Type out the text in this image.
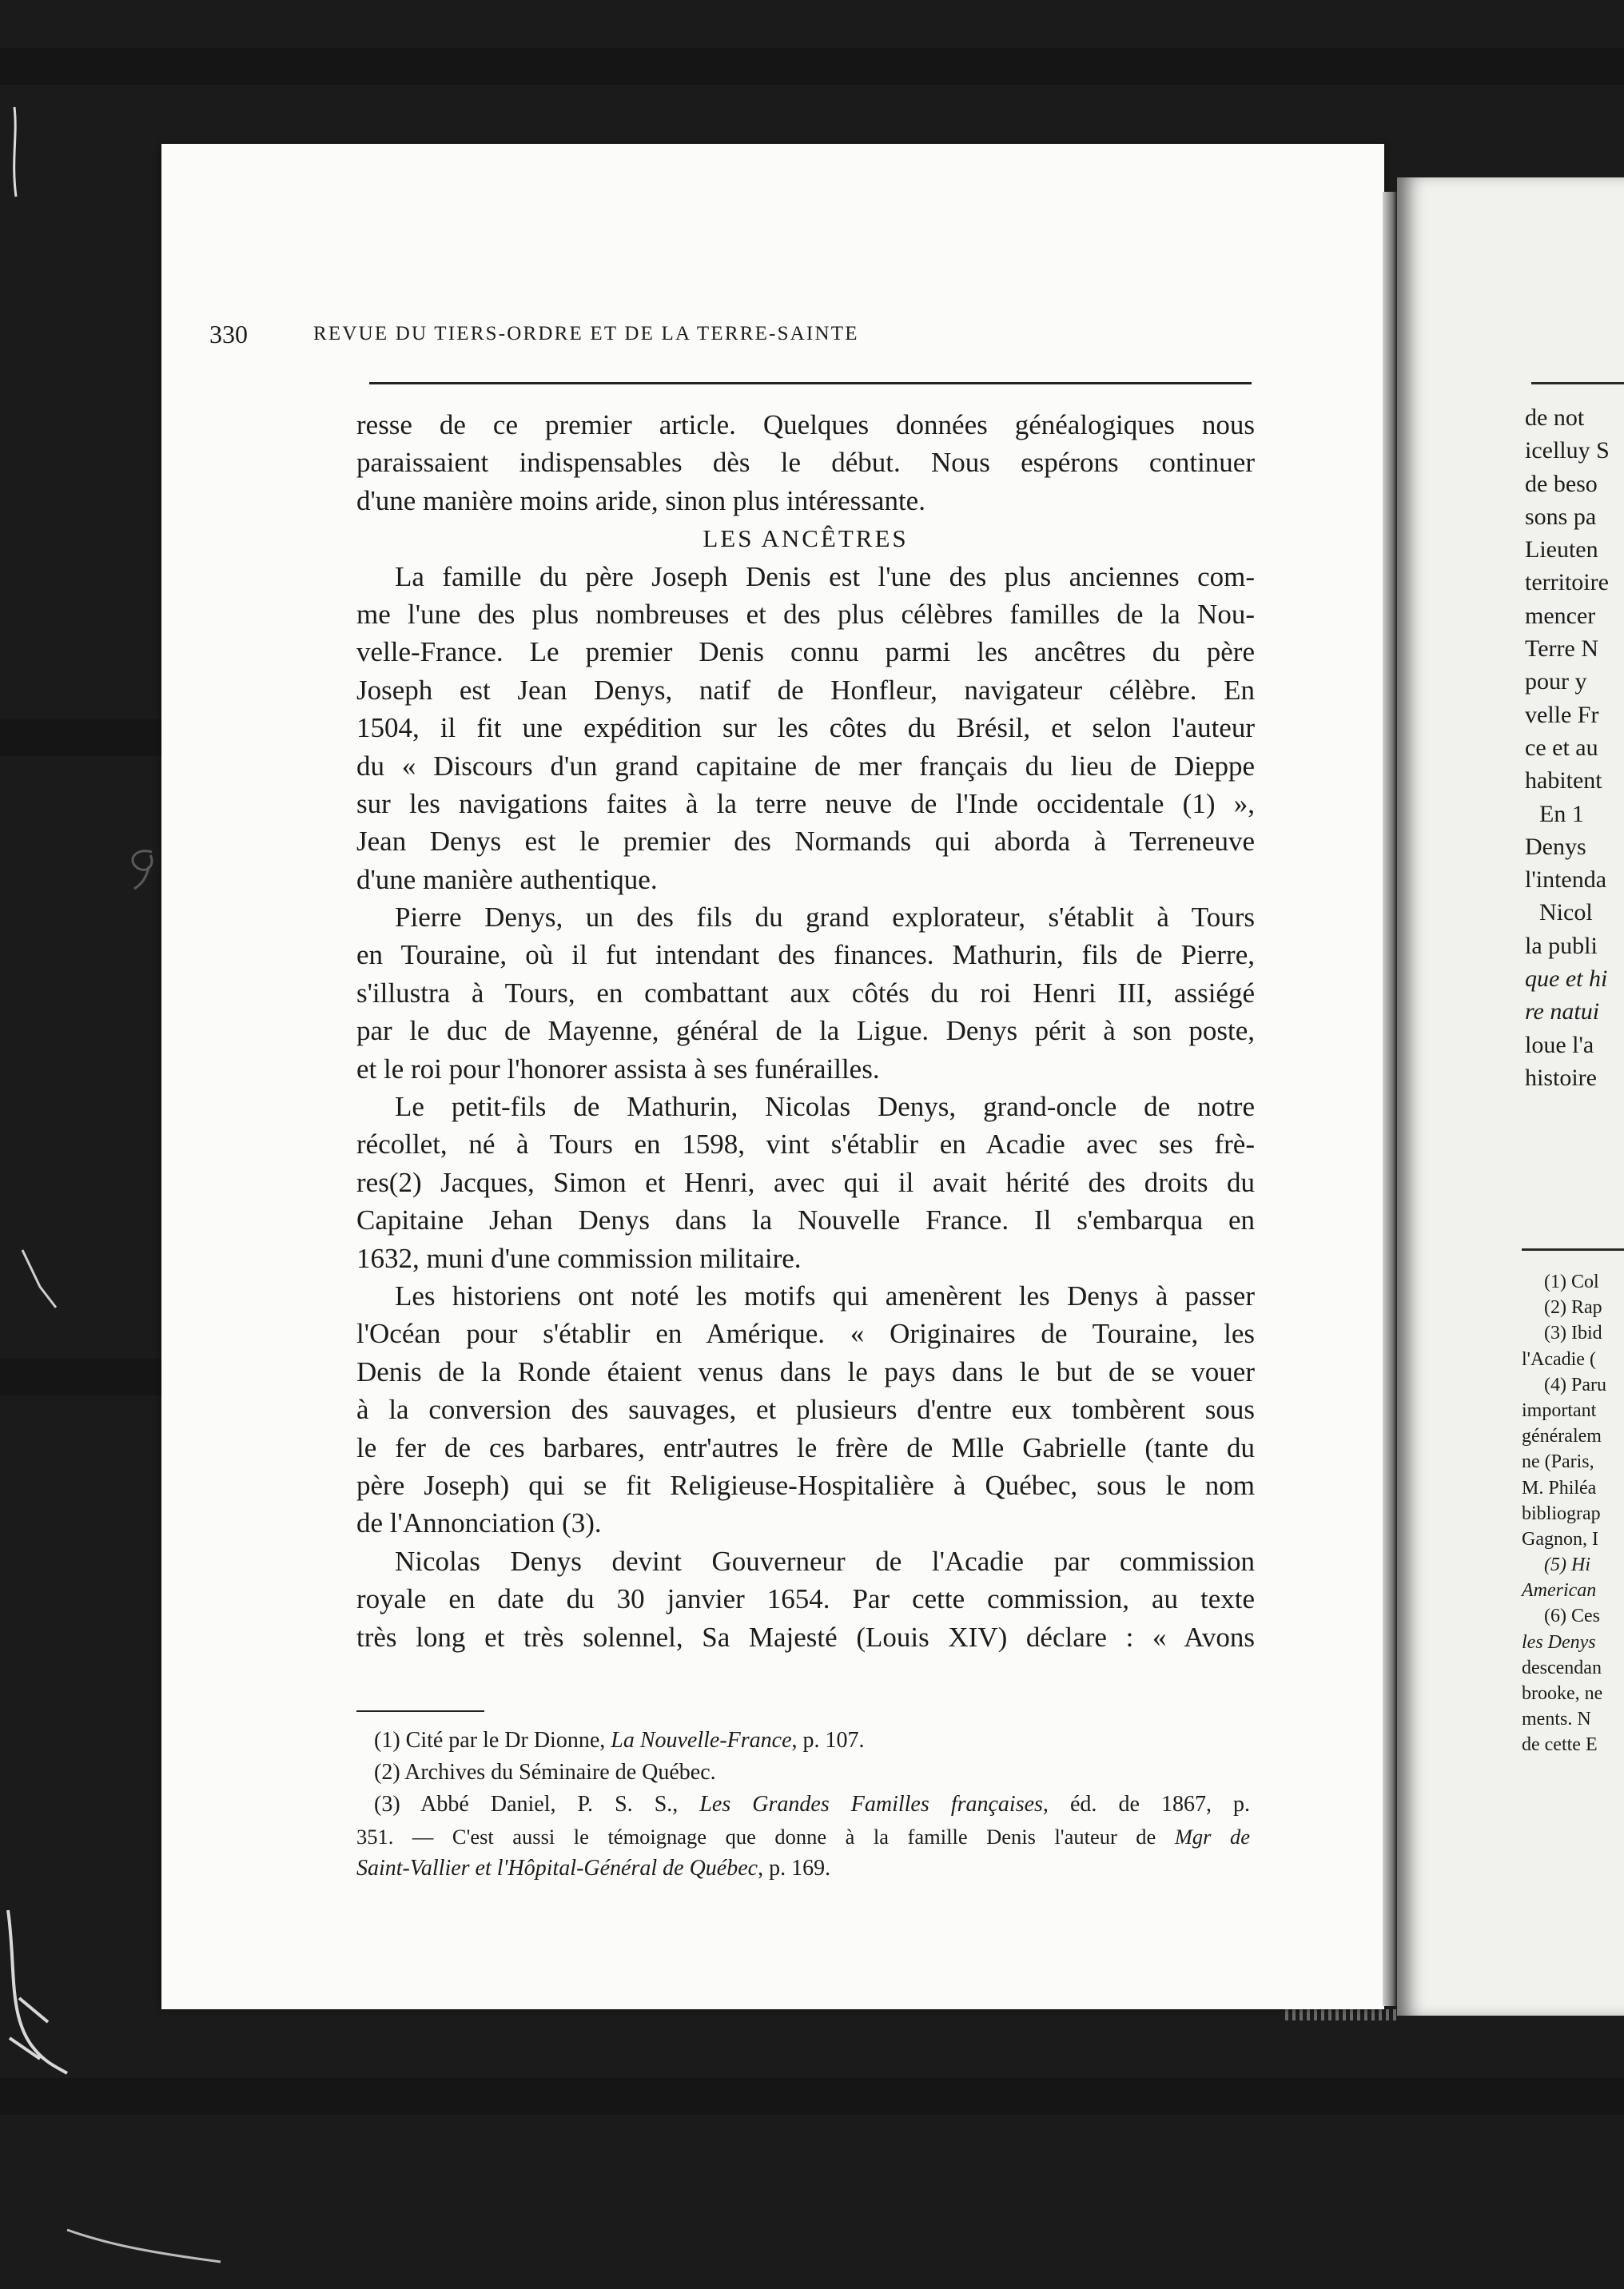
de not
icelluy S
de beso
sons pa
Lieuten
territoire
mencer
Terre N
pour y
velle Fr
ce et au
habitent
En 1
Denys
l'intenda
Nicol
la publi
que et hi
re natui
loue l'a
histoire
(1) Col
(2) Rap
(3) Ibid
l'Acadie (
(4) Paru
important
généralem
ne (Paris,
M. Philéa
bibliograp
Gagnon, I
(5) Hi
American
(6) Ces
les Denys
descendan
brooke, ne
ments. N
de cette E
330	REVUE DU TIERS-ORDRE ET DE LA TERRE-SAINTE
resse de ce premier article. Quelques données généalogiques nous
paraissaient indispensables dès le début. Nous espérons continuer
d'une manière moins aride, sinon plus intéressante.
LES ANCÊTRES
La famille du père Joseph Denis est l'une des plus anciennes com-
me l'une des plus nombreuses et des plus célèbres familles de la Nou-
velle-France. Le premier Denis connu parmi les ancêtres du père
Joseph est Jean Denys, natif de Honfleur, navigateur célèbre. En
1504, il fit une expédition sur les côtes du Brésil, et selon l'auteur
du « Discours d'un grand capitaine de mer français du lieu de Dieppe
sur les navigations faites à la terre neuve de l'Inde occidentale (1) »,
Jean Denys est le premier des Normands qui aborda à Terreneuve
d'une manière authentique.
Pierre Denys, un des fils du grand explorateur, s'établit à Tours
en Touraine, où il fut intendant des finances. Mathurin, fils de Pierre,
s'illustra à Tours, en combattant aux côtés du roi Henri III, assiégé
par le duc de Mayenne, général de la Ligue. Denys périt à son poste,
et le roi pour l'honorer assista à ses funérailles.
Le petit-fils de Mathurin, Nicolas Denys, grand-oncle de notre
récollet, né à Tours en 1598, vint s'établir en Acadie avec ses frè-
res(2) Jacques, Simon et Henri, avec qui il avait hérité des droits du
Capitaine Jehan Denys dans la Nouvelle France. Il s'embarqua en
1632, muni d'une commission militaire.
Les historiens ont noté les motifs qui amenèrent les Denys à passer
l'Océan pour s'établir en Amérique. « Originaires de Touraine, les
Denis de la Ronde étaient venus dans le pays dans le but de se vouer
à la conversion des sauvages, et plusieurs d'entre eux tombèrent sous
le fer de ces barbares, entr'autres le frère de Mlle Gabrielle (tante du
père Joseph) qui se fit Religieuse-Hospitalière à Québec, sous le nom
de l'Annonciation (3).
Nicolas Denys devint Gouverneur de l'Acadie par commission
royale en date du 30 janvier 1654. Par cette commission, au texte
très long et très solennel, Sa Majesté (Louis XIV) déclare : « Avons
(1) Cité par le Dr Dionne, La Nouvelle-France, p. 107.
(2) Archives du Séminaire de Québec.
(3) Abbé Daniel, P. S. S., Les Grandes Familles françaises, éd. de 1867, p.
351. — C'est aussi le témoignage que donne à la famille Denis l'auteur de Mgr de
Saint-Vallier et l'Hôpital-Général de Québec, p. 169.
